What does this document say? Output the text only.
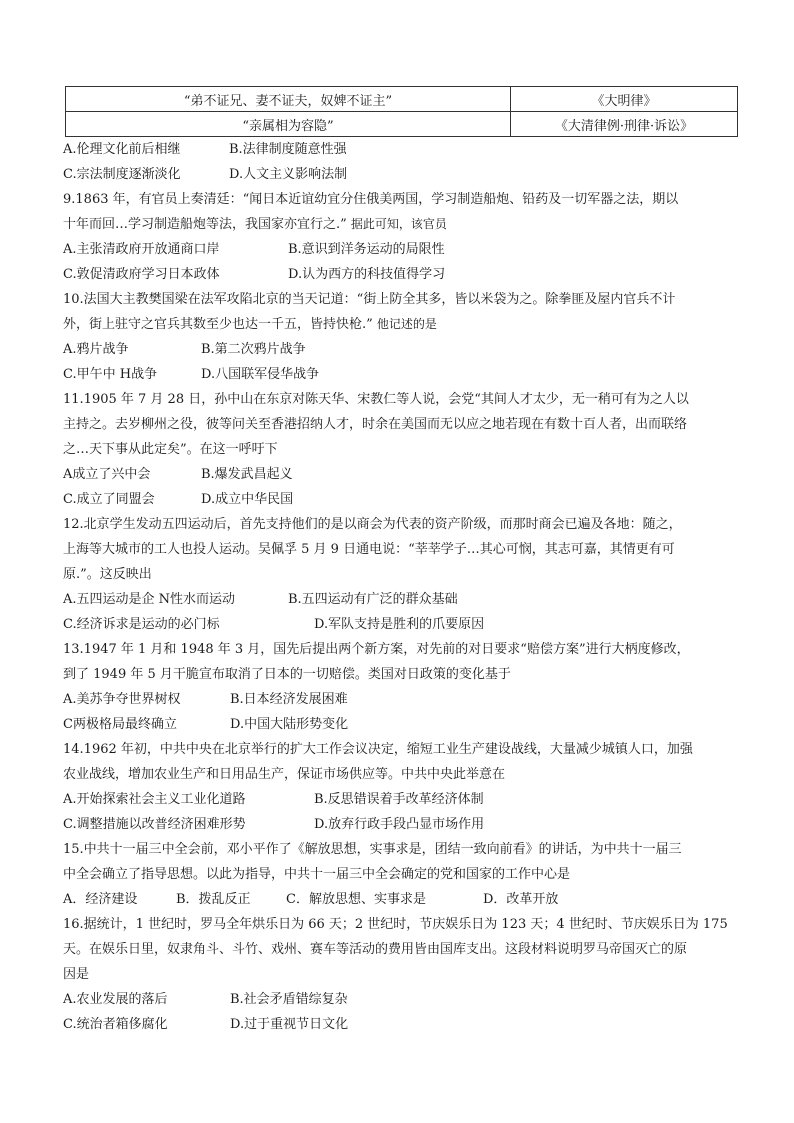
“弟不证兄、妻不证夫，奴婢不证主”	《大明律》
“亲属相为容隐”	《大清律例·刑律·诉讼》
A.伦理文化前后相继	B.法律制度随意性强
C.宗法制度逐渐淡化	D.人文主义影响法制
9.1863 年，有官员上奏清廷：“闻日本近谊幼宜分住俄美两国，学习制造船炮、铅药及一切军器之法，期以
十年而回…学习制造船炮等法，我国家亦宜行之.” 据此可知，该官员
A.主张清政府开放通商口岸	B.意识到洋务运动的局限性
C.敦促清政府学习日本政体	D.认为西方的科技值得学习
10.法国大主教樊国梁在法军攻陷北京的当天记道：“街上防全其多，皆以米袋为之。除拳匪及屋内官兵不计
外，街上驻守之官兵其数至少也达一千五，皆持快枪.” 他记述的是
A.鸦片战争	B.第二次鸦片战争
C.甲午中 H战争	D.八国联军侵华战争
11.1905 年 7 月 28 日，孙中山在东京对陈天华、宋教仁等人说，会党“其间人才太少，无一稍可有为之人以
主持之。去岁柳州之役，彼等问关至香港招纳人才，时余在美国而无以应之地若现在有数十百人者，出而联络
之…天下事从此定矣”。在这一呼吁下
A成立了兴中会	B.爆发武昌起义
C.成立了同盟会	D.成立中华民国
12.北京学生发动五四运动后，首先支持他们的是以商会为代表的资产阶级，而那时商会已遍及各地：随之，
上海等大城市的工人也投人运动。吴佩孚 5 月 9 日通电说：“莘莘学子…其心可悯，其志可嘉，其情更有可
原.”。这反映出
A.五四运动是企 N性水而运动	B.五四运动有广泛的群众基础
C.经济诉求是运动的必门标	D.军队支持是胜利的爪要原因
13.1947 年 1 月和 1948 年 3 月，国先后提出两个新方案，对先前的对日要求“赔偿方案”进行大柄度修改，
到了 1949 年 5 月干脆宣布取消了日本的一切赔偿。类国对日政策的变化基于
A.美苏争夺世界树权	B.日本经济发展困难
C两极格局最终确立	D.中国大陆形势变化
14.1962 年初，中共中央在北京举行的扩大工作会议决定，缩短工业生产建设战线，大量减少城镇人口，加强
农业战线，增加农业生产和日用品生产，保证市场供应等。中共中央此举意在
A.开始探索社会主义工业化道路	B.反思错误着手改革经济体制
C.调整措施以改普经济困难形势	D.放弃行政手段凸显市场作用
15.中共十一届三中全会前，邓小平作了《解放思想，实事求是，团结一致向前看》的讲话，为中共十一届三
中全会确立了指导思想。以此为指导，中共十一届三中全会确定的党和国家的工作中心是
A．经济建设	B．拨乱反正	C．解放思想、实事求是	D．改革开放
16.据统计，1 世纪时，罗马全年烘乐日为 66 天；2 世纪时，节庆娱乐日为 123 天；4 世纪时、节庆娱乐日为 175
天。在娱乐日里，奴隶角斗、斗竹、戏州、赛车等活动的费用皆由国库支出。这段材料说明罗马帝国灭亡的原
因是
A.农业发展的落后	B.社会矛盾错综复杂
C.统治者箱侈腐化	D.过于重视节日文化
